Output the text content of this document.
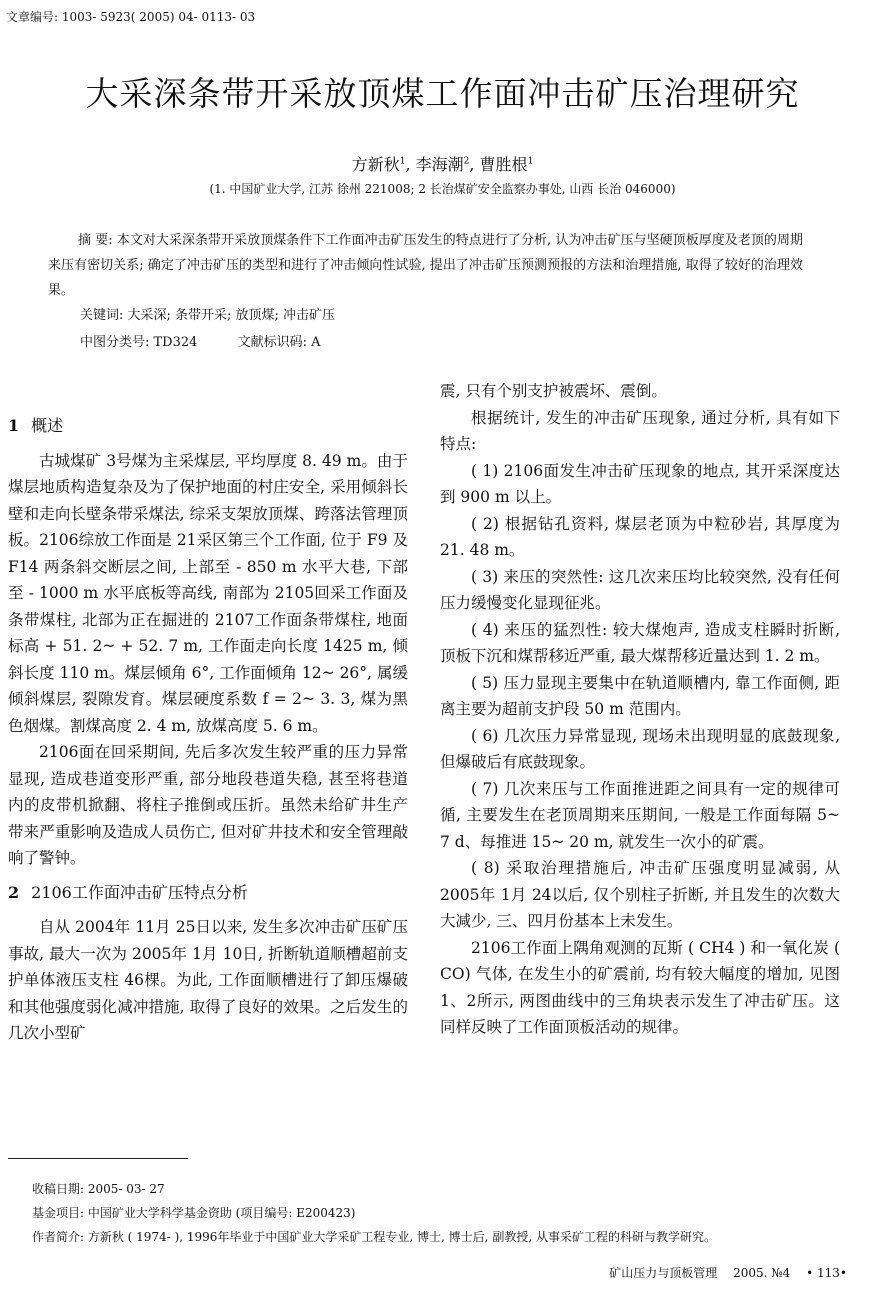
文章编号: 1003- 5923( 2005) 04- 0113- 03
大采深条带开采放顶煤工作面冲击矿压治理研究
方新秋$^1$, 李海潮$^2$, 曹胜根$^1$
(1. 中国矿业大学, 江苏 徐州 221008; 2 长治煤矿安全监察办事处, 山西 长治 046000)
摘 要: 本文对大采深条带开采放顶煤条件下工作面冲击矿压发生的特点进行了分析, 认为冲击矿压与坚硬顶板厚度及老顶的周期来压有密切关系; 确定了冲击矿压的类型和进行了冲击倾向性试验, 提出了冲击矿压预测预报的方法和治理措施, 取得了较好的治理效果。
关键词: 大采深; 条带开采; 放顶煤; 冲击矿压
中图分类号: TD324	文献标识码: A
1 概述

古城煤矿 3号煤为主采煤层, 平均厚度 8. 49 m。由于煤层地质构造复杂及为了保护地面的村庄安全, 采用倾斜长壁和走向长壁条带采煤法, 综采支架放顶煤、跨落法管理顶板。2106综放工作面是 21采区第三个工作面, 位于 F9 及 F14 两条斜交断层之间, 上部至 - 850 m 水平大巷, 下部至 - 1000 m 水平底板等高线, 南部为 2105回采工作面及条带煤柱, 北部为正在掘进的 2107工作面条带煤柱, 地面标高 + 51. 2~ + 52. 7 m, 工作面走向长度 1425 m, 倾斜长度 110 m。煤层倾角 6°, 工作面倾角 12~ 26°, 属缓倾斜煤层, 裂隙发育。煤层硬度系数 f = 2~ 3. 3, 煤为黑色烟煤。割煤高度 2. 4 m, 放煤高度 5. 6 m。

2106面在回采期间, 先后多次发生较严重的压力异常显现, 造成巷道变形严重, 部分地段巷道失稳, 甚至将巷道内的皮带机掀翻、将柱子推倒或压折。虽然未给矿井生产带来严重影响及造成人员伤亡, 但对矿井技术和安全管理敲响了警钟。

2 2106工作面冲击矿压特点分析

自从 2004年 11月 25日以来, 发生多次冲击矿压矿压事故, 最大一次为 2005年 1月 10日, 折断轨道顺槽超前支护单体液压支柱 46棵。为此, 工作面顺槽进行了卸压爆破和其他强度弱化减冲措施, 取得了良好的效果。之后发生的几次小型矿

震, 只有个别支护被震坏、震倒。

根据统计, 发生的冲击矿压现象, 通过分析, 具有如下特点:

( 1) 2106面发生冲击矿压现象的地点, 其开采深度达到 900 m 以上。

( 2) 根据钻孔资料, 煤层老顶为中粒砂岩, 其厚度为 21. 48 m。

( 3) 来压的突然性: 这几次来压均比较突然, 没有任何压力缓慢变化显现征兆。

( 4) 来压的猛烈性: 较大煤炮声, 造成支柱瞬时折断, 顶板下沉和煤帮移近严重, 最大煤帮移近量达到 1. 2 m。

( 5) 压力显现主要集中在轨道顺槽内, 靠工作面侧, 距离主要为超前支护段 50 m 范围内。

( 6) 几次压力异常显现, 现场未出现明显的底鼓现象, 但爆破后有底鼓现象。

( 7) 几次来压与工作面推进距之间具有一定的规律可循, 主要发生在老顶周期来压期间, 一般是工作面每隔 5~ 7 d、每推进 15~ 20 m, 就发生一次小的矿震。

( 8) 采取治理措施后, 冲击矿压强度明显减弱, 从 2005年 1月 24以后, 仅个别柱子折断, 并且发生的次数大大减少, 三、四月份基本上未发生。

2106工作面上隅角观测的瓦斯 ( CH4 ) 和一氧化炭 ( CO) 气体, 在发生小的矿震前, 均有较大幅度的增加, 见图 1、2所示, 两图曲线中的三角块表示发生了冲击矿压。这同样反映了工作面顶板活动的规律。

收稿日期: 2005- 03- 27
基金项目: 中国矿业大学科学基金资助 (项目编号: E200423)
作者简介: 方新秋 ( 1974- ), 1996年毕业于中国矿业大学采矿工程专业, 博士, 博士后, 副教授, 从事采矿工程的科研与教学研究。
矿山压力与顶板管理 2005. №4 • 113•
